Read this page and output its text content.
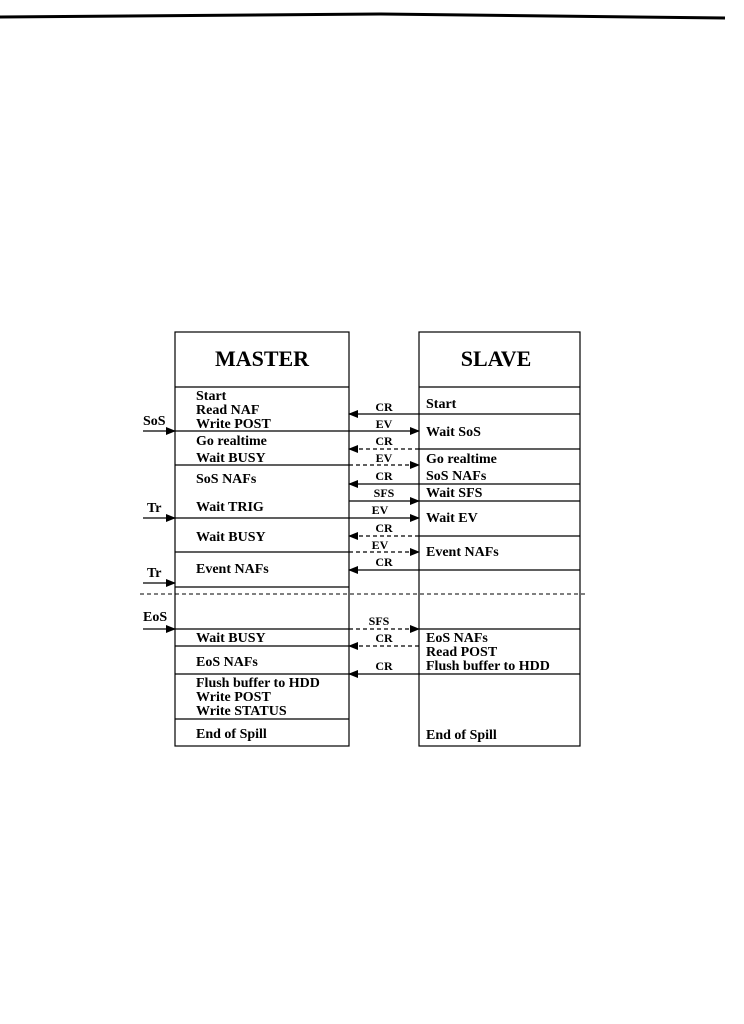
MASTER	SLAVE
Start
Read NAF
Write POST
Go realtime
Wait BUSY
SoS NAFs
Wait TRIG
Wait BUSY
Event NAFs
Wait BUSY
EoS NAFs
Flush buffer to HDD
Write POST
Write STATUS
End of Spill
Start
Wait SoS
Go realtime
SoS NAFs
Wait SFS
Wait EV
Event NAFs
EoS NAFs
Read POST
Flush buffer to HDD
End of Spill
SoS
Tr
Tr
EoS
CR
EV
CR
EV
CR
SFS
EV
CR
EV
CR
SFS
CR
CR
